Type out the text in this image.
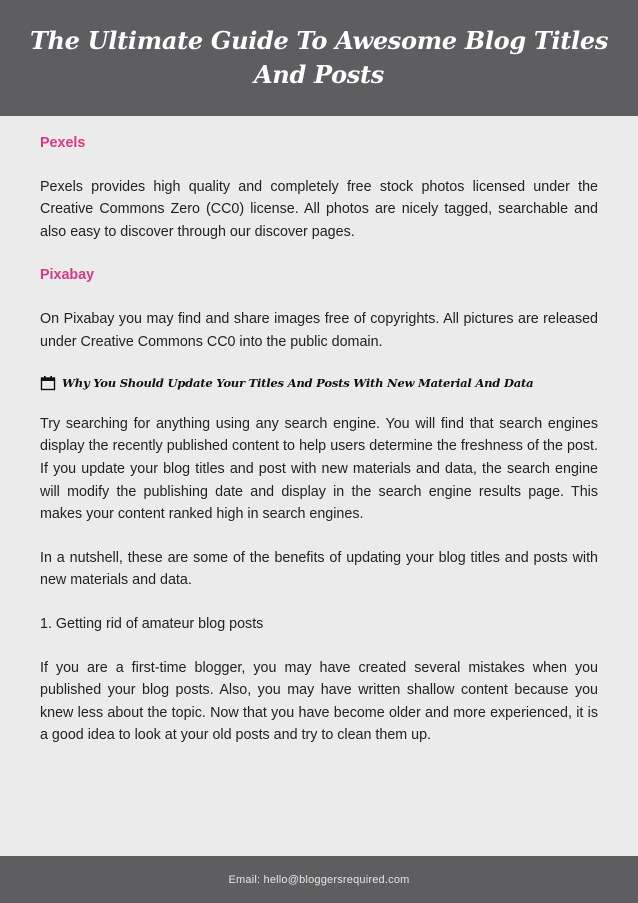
The Ultimate Guide To Awesome Blog Titles And Posts
Pexels

Pexels provides high quality and completely free stock photos licensed under the Creative Commons Zero (CC0) license. All photos are nicely tagged, searchable and also easy to discover through our discover pages.

Pixabay

On Pixabay you may find and share images free of copyrights. All pictures are released under Creative Commons CC0 into the public domain.

Why You Should Update Your Titles And Posts With New Material And Data

Try searching for anything using any search engine. You will find that search engines display the recently published content to help users determine the freshness of the post. If you update your blog titles and post with new materials and data, the search engine will modify the publishing date and display in the search engine results page. This makes your content ranked high in search engines.

In a nutshell, these are some of the benefits of updating your blog titles and posts with new materials and data.

1. Getting rid of amateur blog posts

If you are a first-time blogger, you may have created several mistakes when you published your blog posts. Also, you may have written shallow content because you knew less about the topic. Now that you have become older and more experienced, it is a good idea to look at your old posts and try to clean them up.

Email: hello@bloggersrequired.com
